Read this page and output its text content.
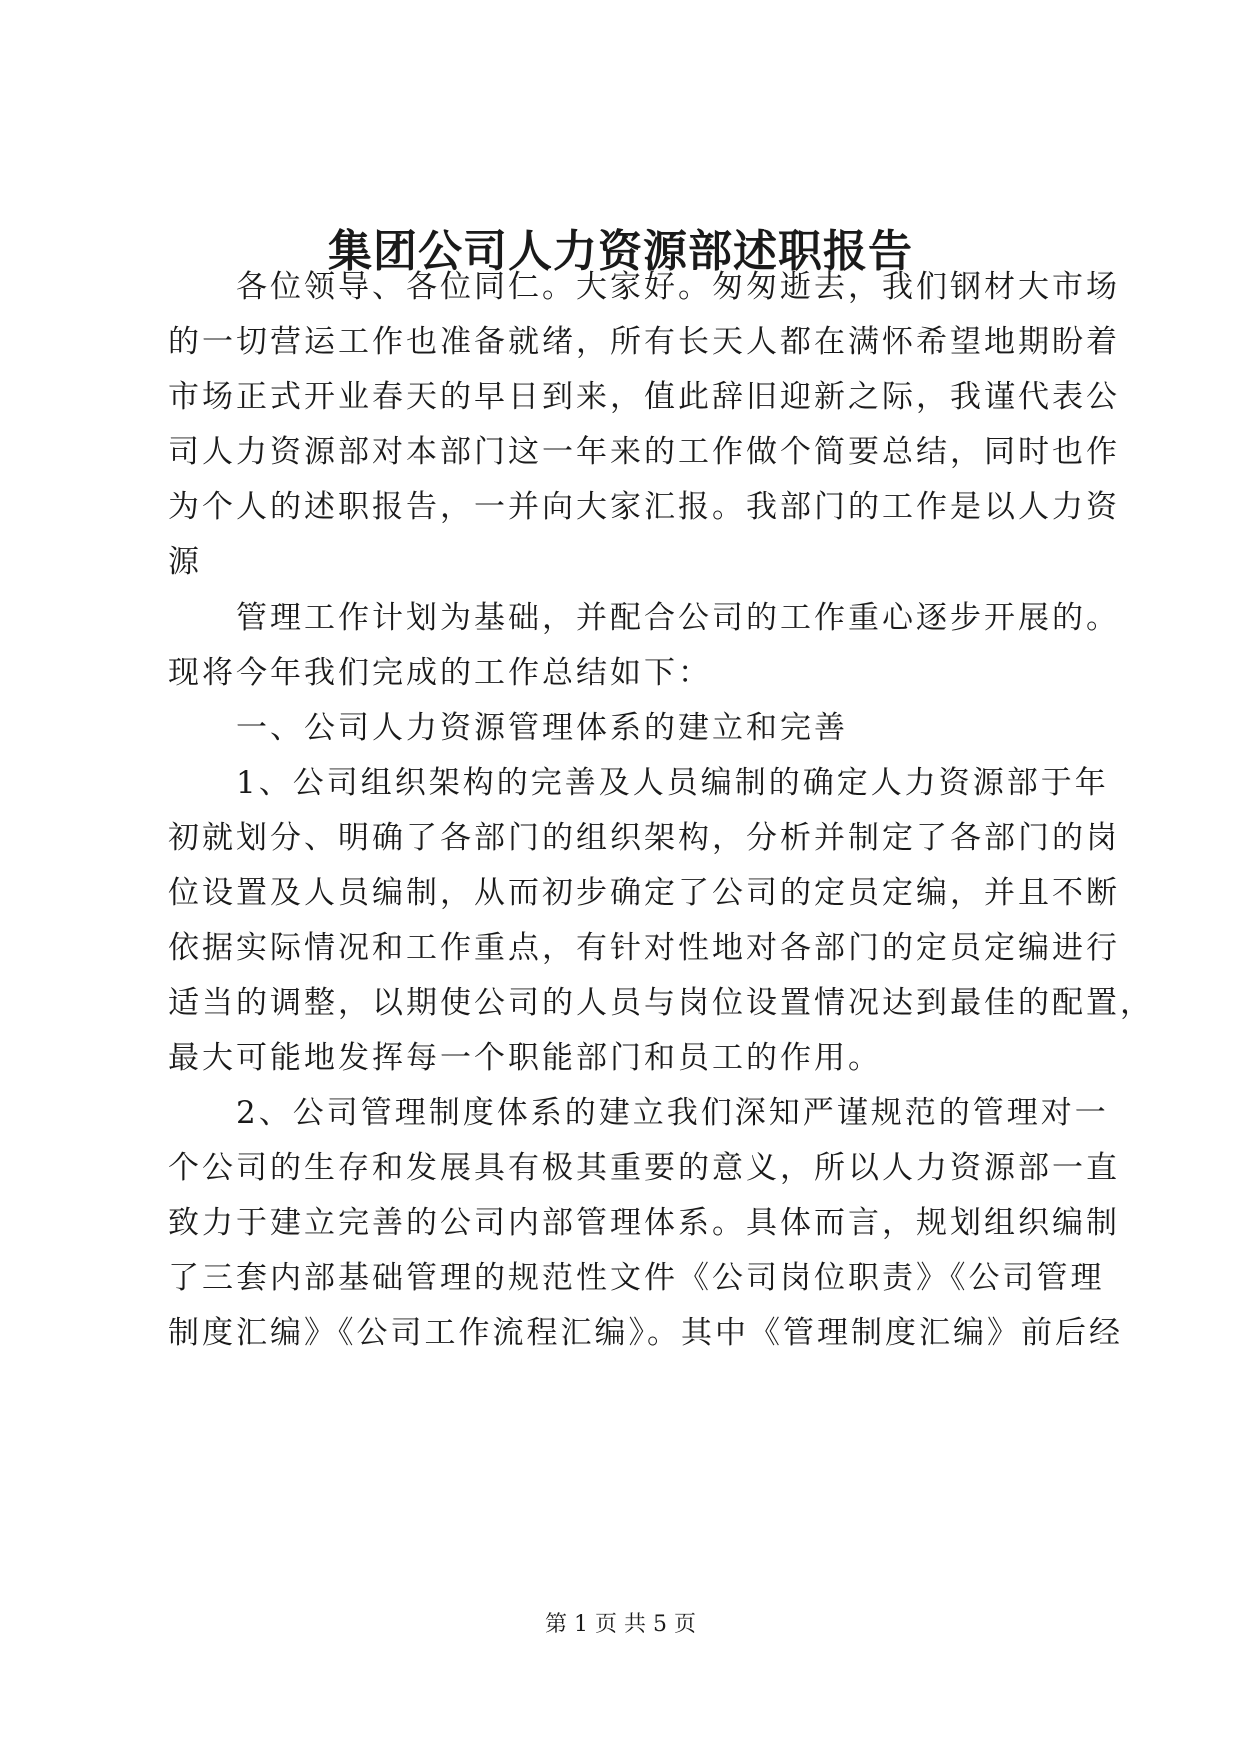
集团公司人力资源部述职报告
　　各位领导、各位同仁。大家好。匆匆逝去，我们钢材大市场
的一切营运工作也准备就绪，所有长天人都在满怀希望地期盼着
市场正式开业春天的早日到来，值此辞旧迎新之际，我谨代表公
司人力资源部对本部门这一年来的工作做个简要总结，同时也作
为个人的述职报告，一并向大家汇报。我部门的工作是以人力资
源
　　管理工作计划为基础，并配合公司的工作重心逐步开展的。
现将今年我们完成的工作总结如下：
　　一、公司人力资源管理体系的建立和完善
　　1、公司组织架构的完善及人员编制的确定人力资源部于年
初就划分、明确了各部门的组织架构，分析并制定了各部门的岗
位设置及人员编制，从而初步确定了公司的定员定编，并且不断
依据实际情况和工作重点，有针对性地对各部门的定员定编进行
适当的调整，以期使公司的人员与岗位设置情况达到最佳的配置，
最大可能地发挥每一个职能部门和员工的作用。
　　2、公司管理制度体系的建立我们深知严谨规范的管理对一
个公司的生存和发展具有极其重要的意义，所以人力资源部一直
致力于建立完善的公司内部管理体系。具体而言，规划组织编制
了三套内部基础管理的规范性文件《公司岗位职责》《公司管理
制度汇编》《公司工作流程汇编》。其中《管理制度汇编》前后经
第 1 页 共 5 页
